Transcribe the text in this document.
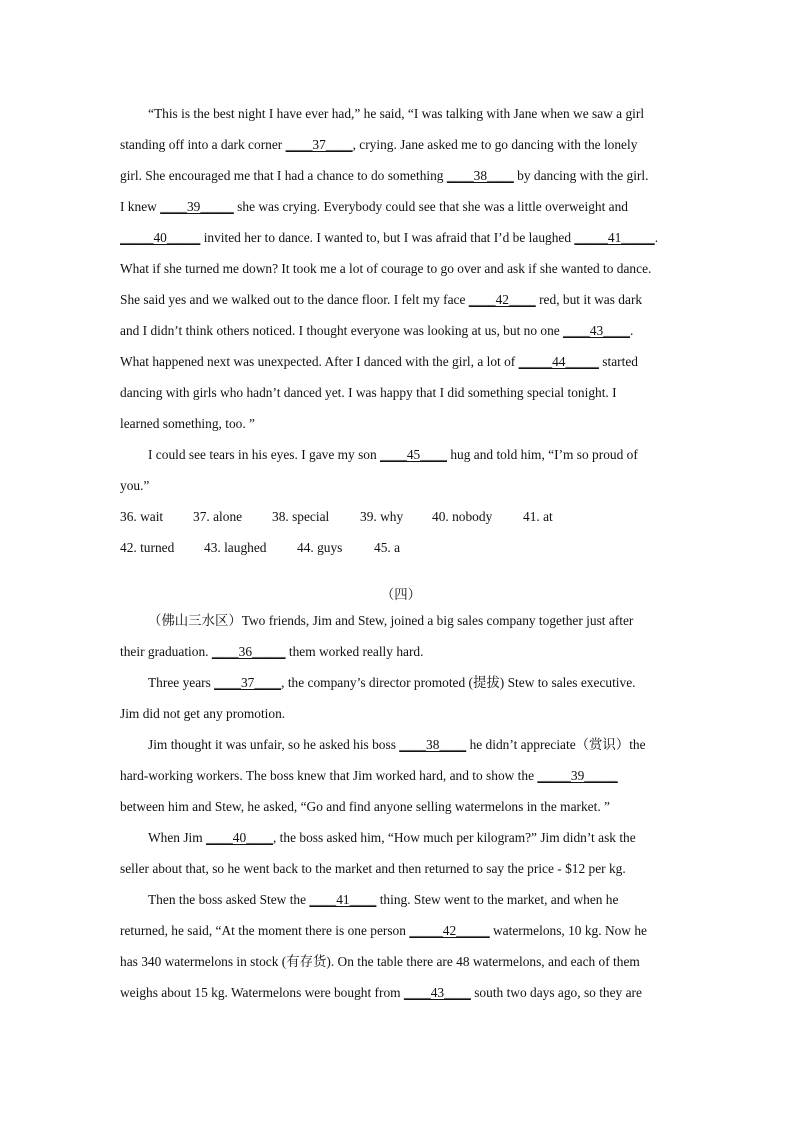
“This is the best night I have ever had,” he said, “I was talking with Jane when we saw a girl
standing off into a dark corner ____37____, crying. Jane asked me to go dancing with the lonely
girl. She encouraged me that I had a chance to do something ____38____ by dancing with the girl.
I knew ____39_____ she was crying. Everybody could see that she was a little overweight and
_____40_____ invited her to dance. I wanted to, but I was afraid that I’d be laughed _____41_____.
What if she turned me down? It took me a lot of courage to go over and ask if she wanted to dance.
She said yes and we walked out to the dance floor. I felt my face ____42____ red, but it was dark
and I didn’t think others noticed. I thought everyone was looking at us, but no one ____43____.
What happened next was unexpected. After I danced with the girl, a lot of _____44_____ started
dancing with girls who hadn’t danced yet. I was happy that I did something special tonight. I
learned something, too. ”
I could see tears in his eyes. I gave my son ____45____ hug and told him, “I’m so proud of
you.”
36. wait 37. alone 38. special 39. why 40. nobody 41. at
42. turned 43. laughed 44. guys 45. a
（四）
（佛山三水区）Two friends, Jim and Stew, joined a big sales company together just after
their graduation. ____36_____ them worked really hard.
Three years ____37____, the company’s director promoted (提拔) Stew to sales executive.
Jim did not get any promotion.
Jim thought it was unfair, so he asked his boss ____38____ he didn’t appreciate（赏识）the
hard-working workers. The boss knew that Jim worked hard, and to show the _____39_____
between him and Stew, he asked, “Go and find anyone selling watermelons in the market. ”
When Jim ____40____, the boss asked him, “How much per kilogram?” Jim didn’t ask the
seller about that, so he went back to the market and then returned to say the price - $12 per kg.
Then the boss asked Stew the ____41____ thing. Stew went to the market, and when he
returned, he said, “At the moment there is one person _____42_____ watermelons, 10 kg. Now he
has 340 watermelons in stock (有存货). On the table there are 48 watermelons, and each of them
weighs about 15 kg. Watermelons were bought from ____43____ south two days ago, so they are
